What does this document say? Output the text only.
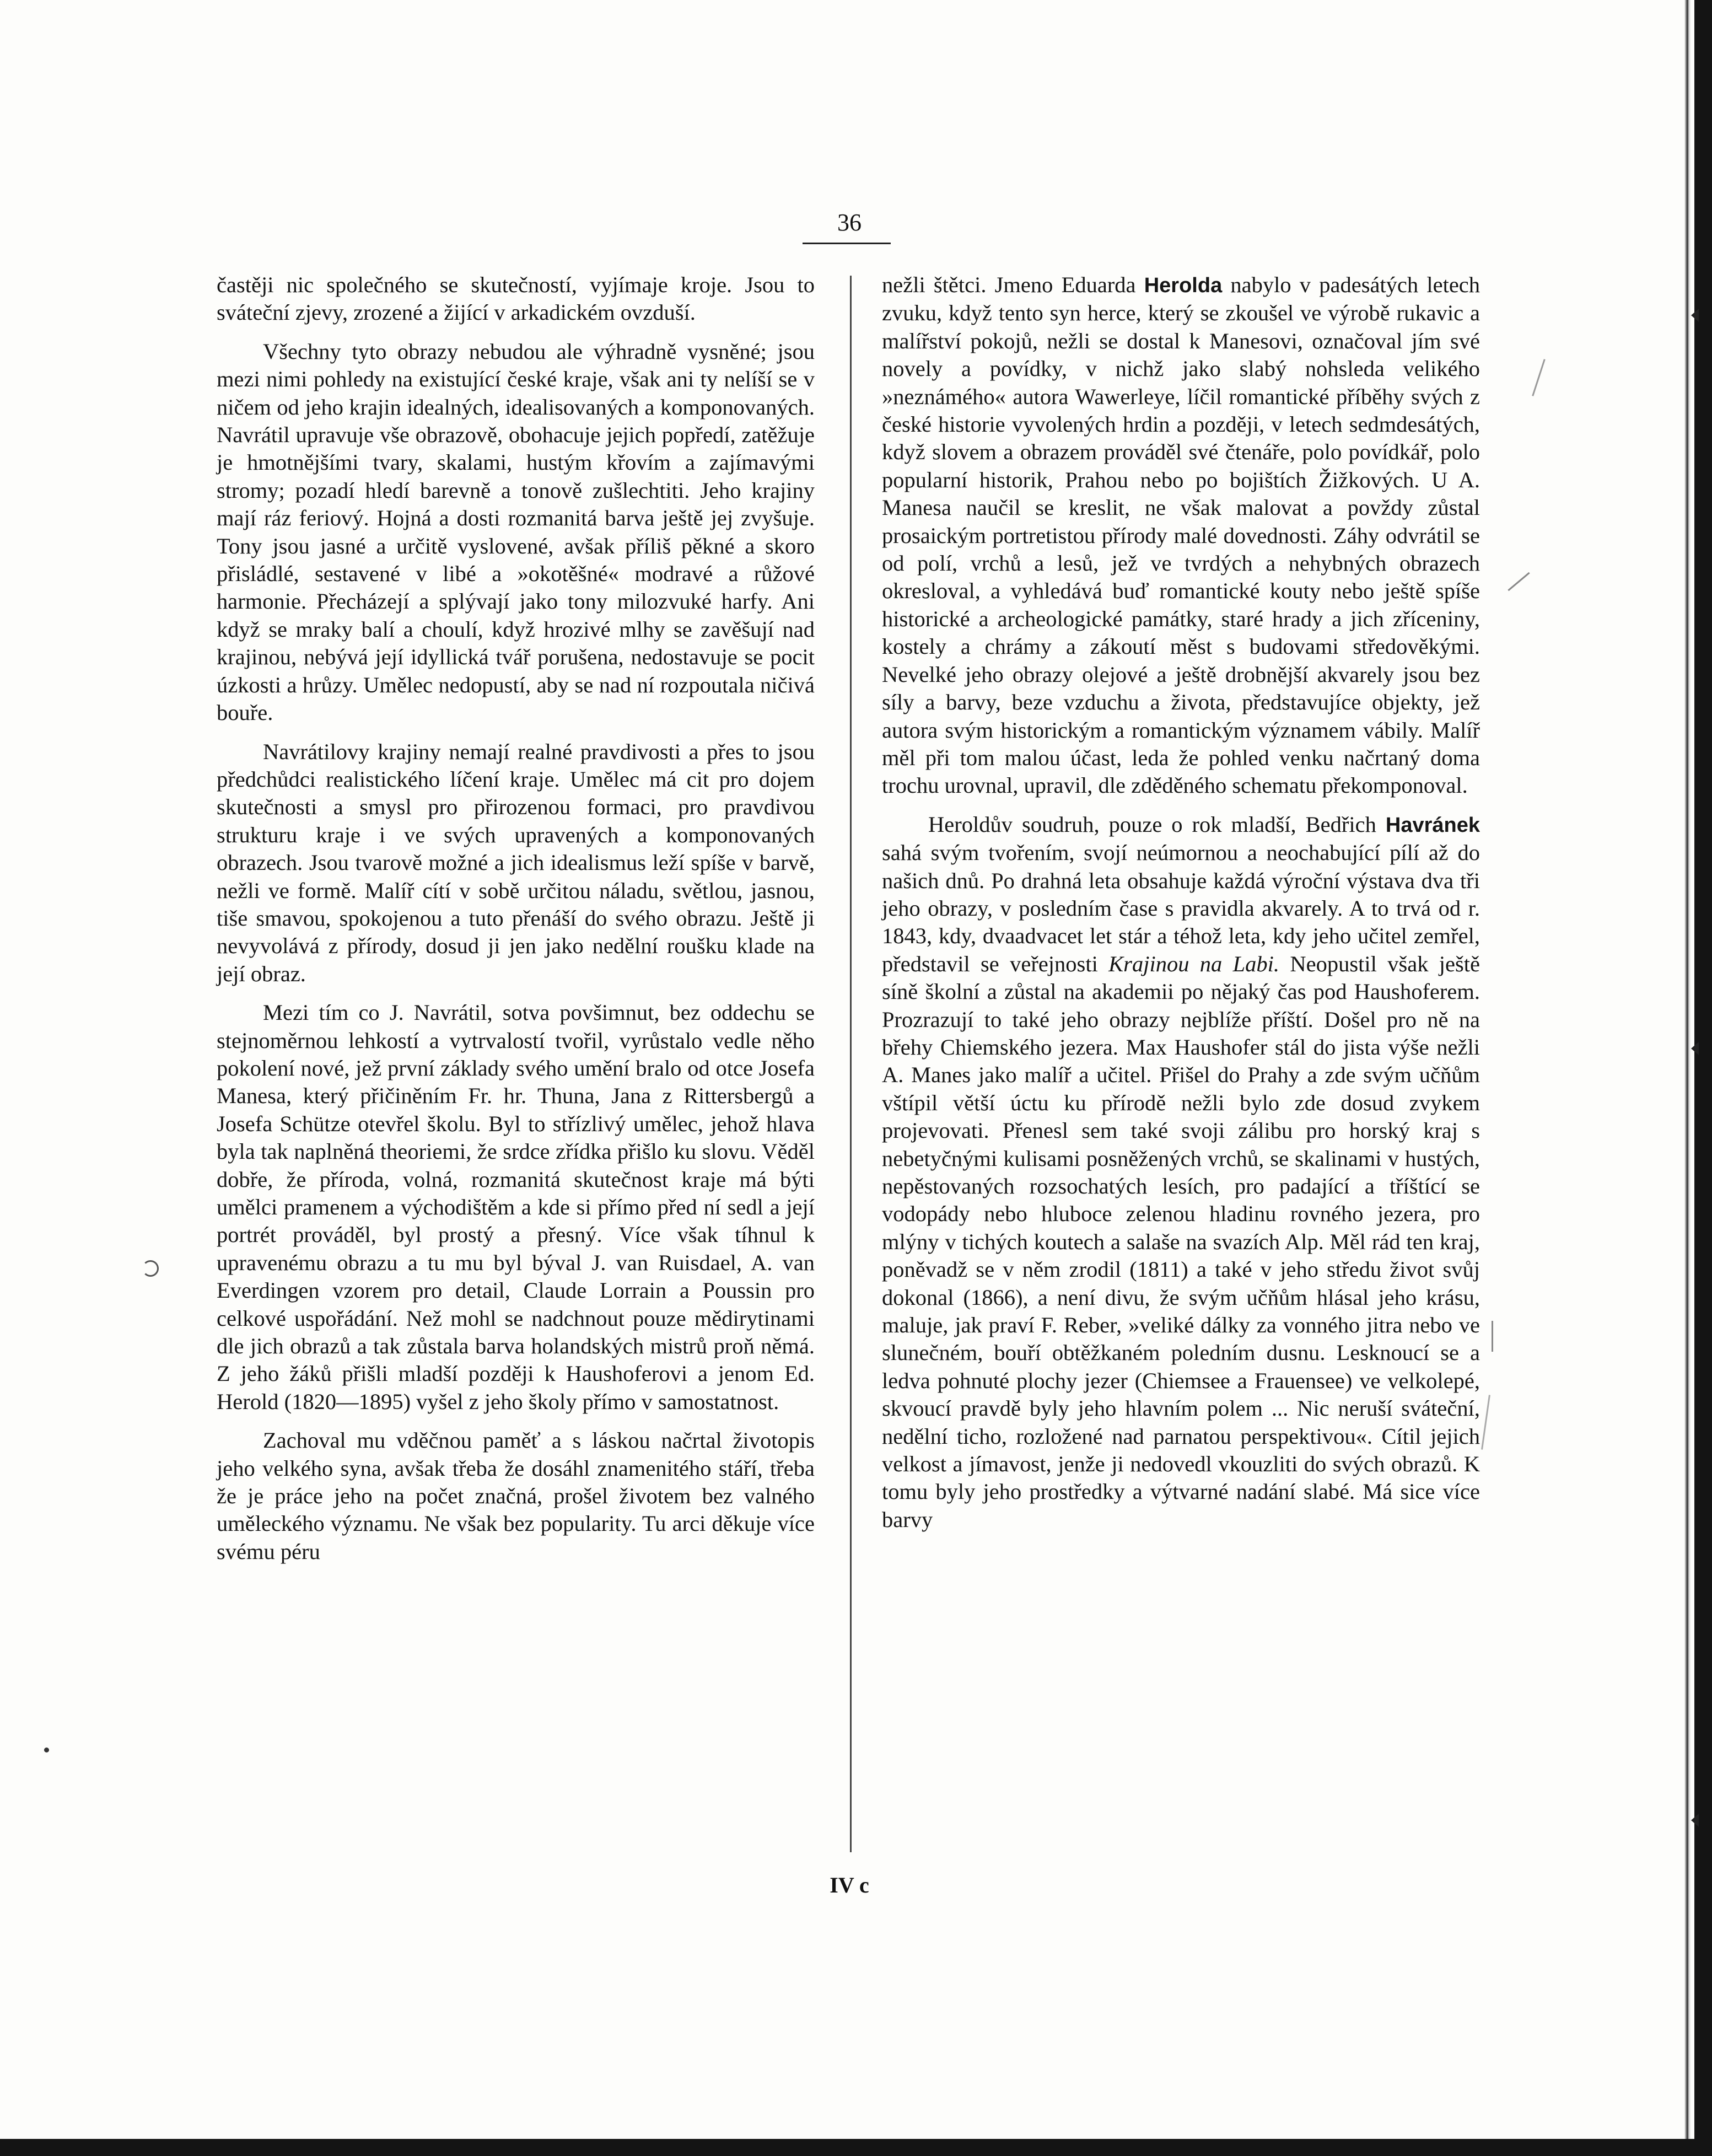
36

častěji nic společného se skutečností, vyjímaje kroje. Jsou to sváteční zjevy, zrozené a žijící v arkadickém ovzduší.

Všechny tyto obrazy nebudou ale výhradně vysněné; jsou mezi nimi pohledy na existující české kraje, však ani ty nelíší se v ničem od jeho krajin idealných, idealisovaných a komponovaných. Navrátil upravuje vše obrazově, obohacuje jejich popředí, zatěžuje je hmotnějšími tvary, skalami, hustým křovím a zajímavými stromy; pozadí hledí barevně a tonově zušlechtiti. Jeho krajiny mají ráz feriový. Hojná a dosti rozmanitá barva ještě jej zvyšuje. Tony jsou jasné a určitě vyslovené, avšak příliš pěkné a skoro přisládlé, sestavené v libé a »okotěšné« modravé a růžové harmonie. Přecházejí a splývají jako tony milozvuké harfy. Ani když se mraky balí a choulí, když hrozivé mlhy se zavěšují nad krajinou, nebývá její idyllická tvář porušena, nedostavuje se pocit úzkosti a hrůzy. Umělec nedopustí, aby se nad ní rozpoutala ničivá bouře.

Navrátilovy krajiny nemají realné pravdivosti a přes to jsou předchůdci realistického líčení kraje. Umělec má cit pro dojem skutečnosti a smysl pro přirozenou formaci, pro pravdivou strukturu kraje i ve svých upravených a komponovaných obrazech. Jsou tvarově možné a jich idealismus leží spíše v barvě, nežli ve formě. Malíř cítí v sobě určitou náladu, světlou, jasnou, tiše smavou, spokojenou a tuto přenáší do svého obrazu. Ještě ji nevyvolává z přírody, dosud ji jen jako nedělní roušku klade na její obraz.

Mezi tím co J. Navrátil, sotva povšimnut, bez oddechu se stejnoměrnou lehkostí a vytrvalostí tvořil, vyrůstalo vedle něho pokolení nové, jež první základy svého umění bralo od otce Josefa Manesa, který přičiněním Fr. hr. Thuna, Jana z Rittersbergů a Josefa Schütze otevřel školu. Byl to střízlivý umělec, jehož hlava byla tak naplněná theoriemi, že srdce zřídka přišlo ku slovu. Věděl dobře, že příroda, volná, rozmanitá skutečnost kraje má býti umělci pramenem a východištěm a kde si přímo před ní sedl a její portrét prováděl, byl prostý a přesný. Více však tíhnul k upravenému obrazu a tu mu byl býval J. van Ruisdael, A. van Everdingen vzorem pro detail, Claude Lorrain a Poussin pro celkové uspořádání. Než mohl se nadchnout pouze mědirytinami dle jich obrazů a tak zůstala barva holandských mistrů proň němá. Z jeho žáků přišli mladší později k Haushoferovi a jenom Ed. Herold (1820—1895) vyšel z jeho školy přímo v samostatnost.

Zachoval mu vděčnou paměť a s láskou načrtal životopis jeho velkého syna, avšak třeba že dosáhl znamenitého stáří, třeba že je práce jeho na počet značná, prošel životem bez valného uměleckého významu. Ne však bez popularity. Tu arci děkuje více svému péru

nežli štětci. Jmeno Eduarda Herolda nabylo v padesátých letech zvuku, když tento syn herce, který se zkoušel ve výrobě rukavic a malířství pokojů, nežli se dostal k Manesovi, označoval jím své novely a povídky, v nichž jako slabý nohsleda velikého »neznámého« autora Wawerleye, líčil romantické příběhy svých z české historie vyvolených hrdin a později, v letech sedmdesátých, když slovem a obrazem prováděl své čtenáře, polo povídkář, polo popularní historik, Prahou nebo po bojištích Žižkových. U A. Manesa naučil se kreslit, ne však malovat a povždy zůstal prosaickým portretistou přírody malé dovednosti. Záhy odvrátil se od polí, vrchů a lesů, jež ve tvrdých a nehybných obrazech okresloval, a vyhledává buď romantické kouty nebo ještě spíše historické a archeologické památky, staré hrady a jich zříceniny, kostely a chrámy a zákoutí měst s budovami středověkými. Nevelké jeho obrazy olejové a ještě drobnější akvarely jsou bez síly a barvy, beze vzduchu a života, představujíce objekty, jež autora svým historickým a romantickým významem vábily. Malíř měl při tom malou účast, leda že pohled venku načrtaný doma trochu urovnal, upravil, dle zděděného schematu překomponoval.

Heroldův soudruh, pouze o rok mladší, Bedřich Havránek sahá svým tvořením, svojí neúmornou a neochabující pílí až do našich dnů. Po drahná leta obsahuje každá výroční výstava dva tři jeho obrazy, v posledním čase s pravidla akvarely. A to trvá od r. 1843, kdy, dvaadvacet let stár a téhož leta, kdy jeho učitel zemřel, představil se veřejnosti Krajinou na Labi. Neopustil však ještě síně školní a zůstal na akademii po nějaký čas pod Haushoferem. Prozrazují to také jeho obrazy nejblíže příští. Došel pro ně na břehy Chiemského jezera. Max Haushofer stál do jista výše nežli A. Manes jako malíř a učitel. Přišel do Prahy a zde svým učňům vštípil větší úctu ku přírodě nežli bylo zde dosud zvykem projevovati. Přenesl sem také svoji zálibu pro horský kraj s nebetyčnými kulisami posněžených vrchů, se skalinami v hustých, nepěstovaných rozsochatých lesích, pro padající a tříštící se vodopády nebo hluboce zelenou hladinu rovného jezera, pro mlýny v tichých koutech a salaše na svazích Alp. Měl rád ten kraj, poněvadž se v něm zrodil (1811) a také v jeho středu život svůj dokonal (1866), a není divu, že svým učňům hlásal jeho krásu, maluje, jak praví F. Reber, »veliké dálky za vonného jitra nebo ve slunečném, bouří obtěžkaném poledním dusnu. Lesknoucí se a ledva pohnuté plochy jezer (Chiemsee a Frauensee) ve velkolepé, skvoucí pravdě byly jeho hlavním polem ... Nic neruší sváteční, nedělní ticho, rozložené nad parnatou perspektivou«. Cítil jejich velkost a jímavost, jenže ji nedovedl vkouzliti do svých obrazů. K tomu byly jeho prostředky a výtvarné nadání slabé. Má sice více barvy

IV c
